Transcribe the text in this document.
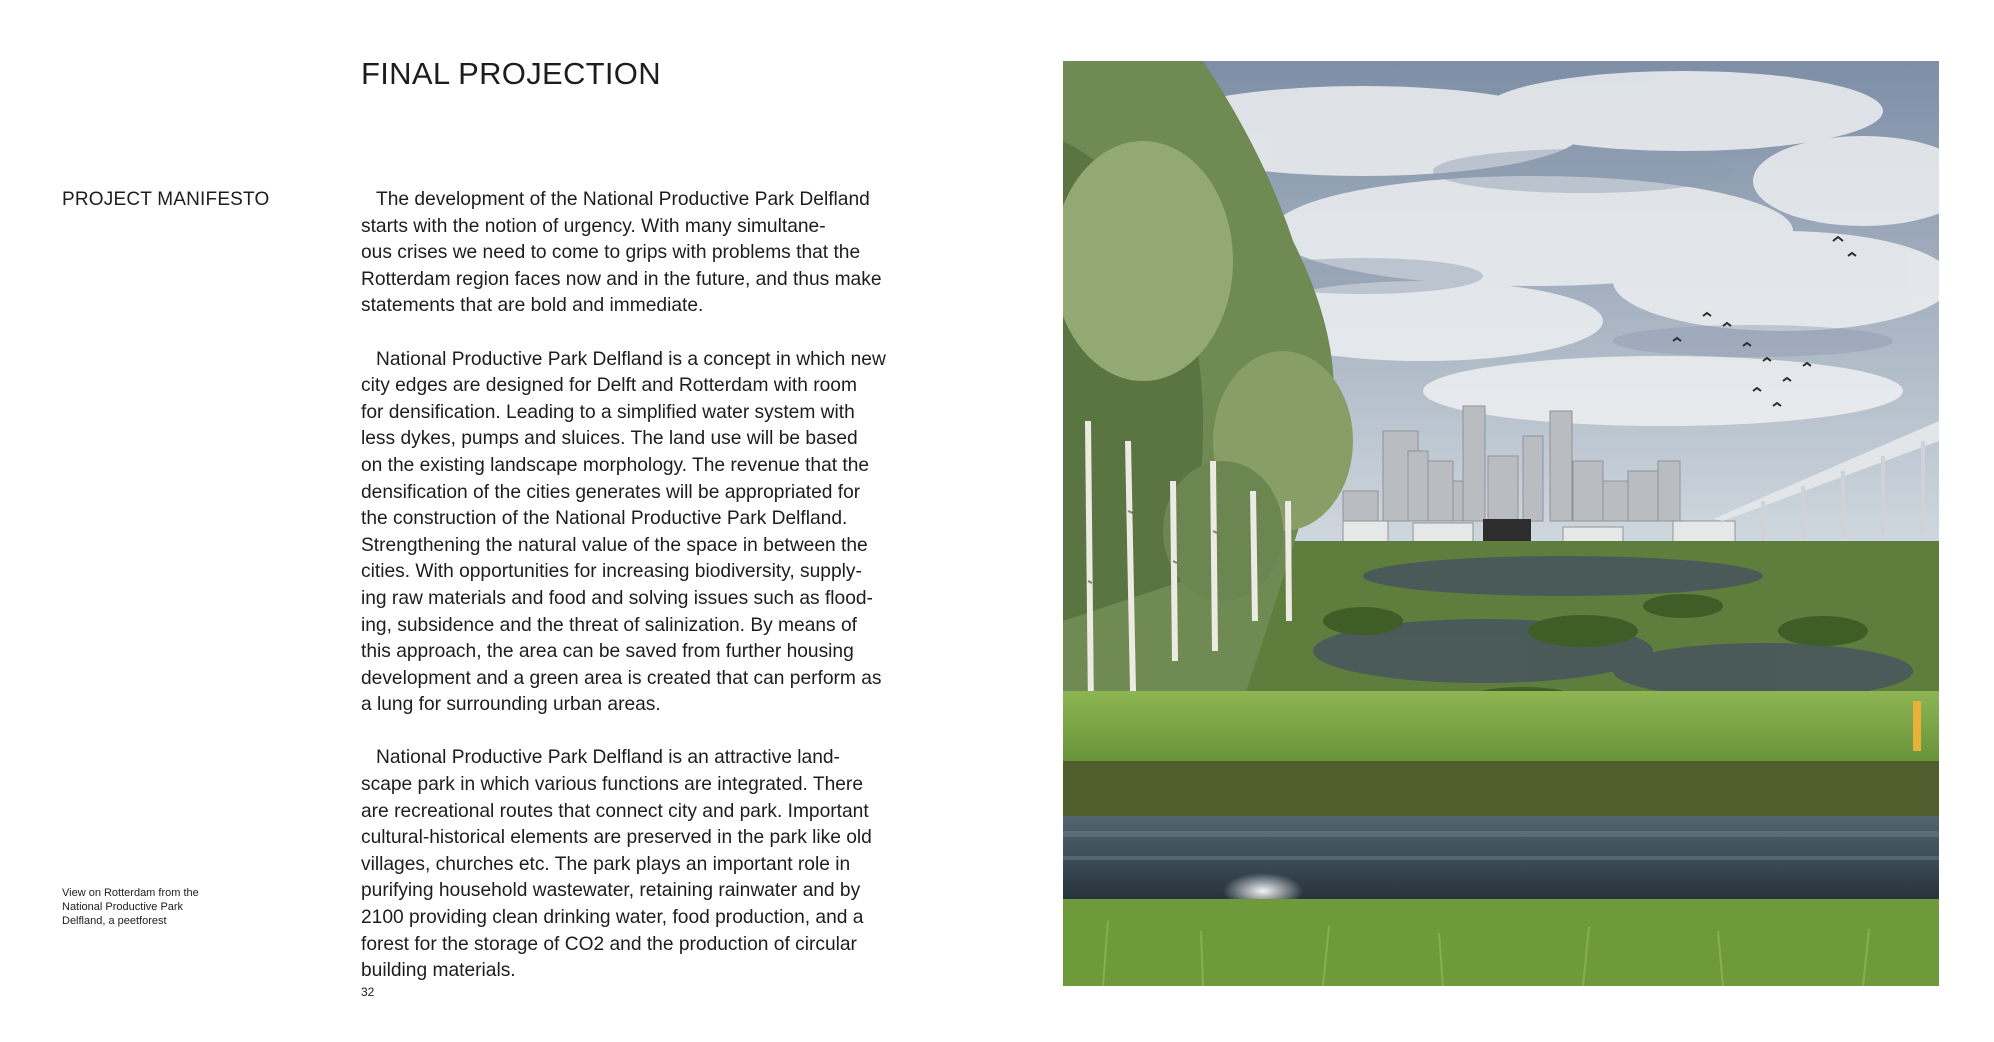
FINAL PROJECTION
PROJECT MANIFESTO	The development of the National Productive Park Delfland
starts with the notion of urgency. With many simultane-
ous crises we need to come to grips with problems that the
Rotterdam region faces now and in the future, and thus make
statements that are bold and immediate.

National Productive Park Delfland is a concept in which new
city edges are designed for Delft and Rotterdam with room
for densification. Leading to a simplified water system with
less dykes, pumps and sluices. The land use will be based
on the existing landscape morphology. The revenue that the
densification of the cities generates will be appropriated for
the construction of the National Productive Park Delfland.
Strengthening the natural value of the space in between the
cities. With opportunities for increasing biodiversity, supply-
ing raw materials and food and solving issues such as flood-
ing, subsidence and the threat of salinization. By means of
this approach, the area can be saved from further housing
development and a green area is created that can perform as
a lung for surrounding urban areas.

National Productive Park Delfland is an attractive land-
scape park in which various functions are integrated. There
are recreational routes that connect city and park. Important
cultural-historical elements are preserved in the park like old
villages, churches etc. The park plays an important role in
purifying household wastewater, retaining rainwater and by
2100 providing clean drinking water, food production, and a
forest for the storage of CO2 and the production of circular
building materials.

View on Rotterdam from the
National Productive Park
Delfland, a peetforest
32
